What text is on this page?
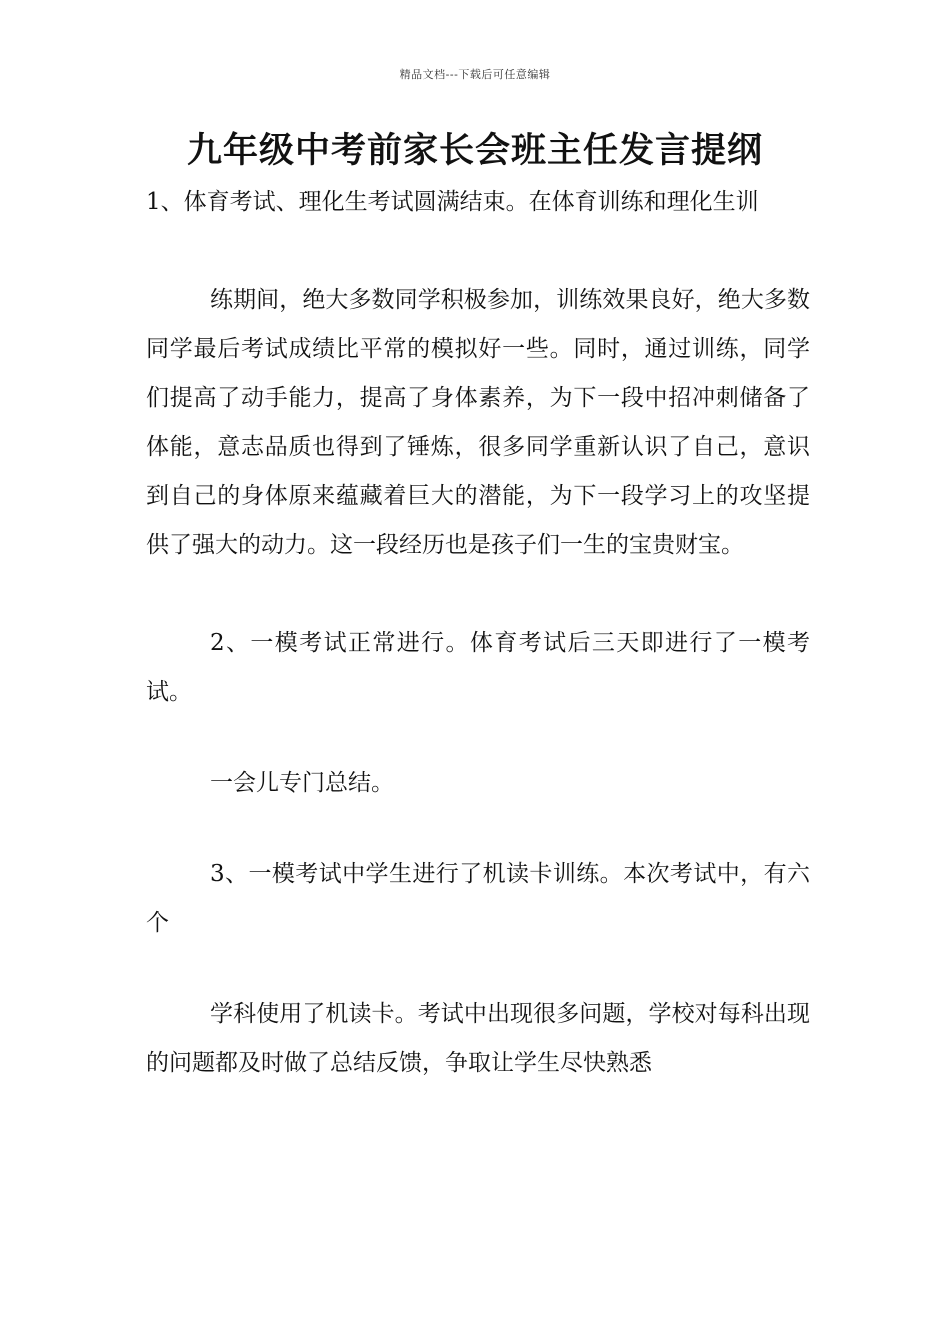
精品文档---下载后可任意编辑
九年级中考前家长会班主任发言提纲

1、体育考试、理化生考试圆满结束。在体育训练和理化生训

练期间，绝大多数同学积极参加，训练效果良好，绝大多数同学最后考试成绩比平常的模拟好一些。同时，通过训练，同学们提高了动手能力，提高了身体素养，为下一段中招冲刺储备了体能，意志品质也得到了锤炼，很多同学重新认识了自己，意识到自己的身体原来蕴藏着巨大的潜能，为下一段学习上的攻坚提供了强大的动力。这一段经历也是孩子们一生的宝贵财宝。

2、一模考试正常进行。体育考试后三天即进行了一模考试。

一会儿专门总结。

3、一模考试中学生进行了机读卡训练。本次考试中，有六个

学科使用了机读卡。考试中出现很多问题，学校对每科出现的问题都及时做了总结反馈，争取让学生尽快熟悉
